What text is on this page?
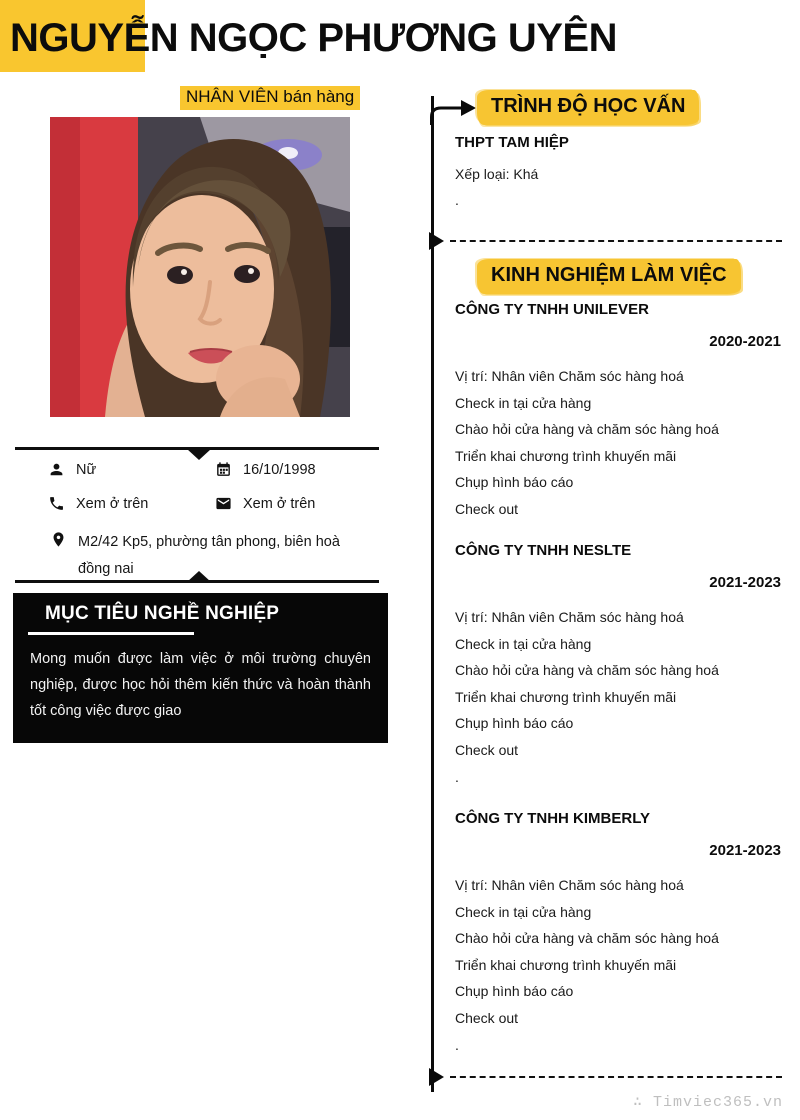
NGUYỄN NGỌC PHƯƠNG UYÊN
NHÂN VIÊN bán hàng
Nữ	16/10/1998
Xem ở trên	Xem ở trên
M2/42 Kp5, phường tân phong, biên hoà đồng nai
MỤC TIÊU NGHỀ NGHIỆP

Mong muốn được làm việc ở môi trường chuyên nghiệp, được học hỏi thêm kiến thức và hoàn thành tốt công việc được giao

TRÌNH ĐỘ HỌC VẤN
THPT TAM HIỆP
Xếp loại: Khá
.
KINH NGHIỆM LÀM VIỆC
CÔNG TY TNHH UNILEVER
2020-2021

Vị trí: Nhân viên Chăm sóc hàng hoá

Check in tại cửa hàng

Chào hỏi cửa hàng và chăm sóc hàng hoá

Triển khai chương trình khuyến mãi

Chụp hình báo cáo

Check out

CÔNG TY TNHH NESLTE
2021-2023

Vị trí: Nhân viên Chăm sóc hàng hoá

Check in tại cửa hàng

Chào hỏi cửa hàng và chăm sóc hàng hoá

Triển khai chương trình khuyến mãi

Chụp hình báo cáo

Check out

.

CÔNG TY TNHH KIMBERLY
2021-2023

Vị trí: Nhân viên Chăm sóc hàng hoá

Check in tại cửa hàng

Chào hỏi cửa hàng và chăm sóc hàng hoá

Triển khai chương trình khuyến mãi

Chụp hình báo cáo

Check out

.

∴ Timviec365.vn
